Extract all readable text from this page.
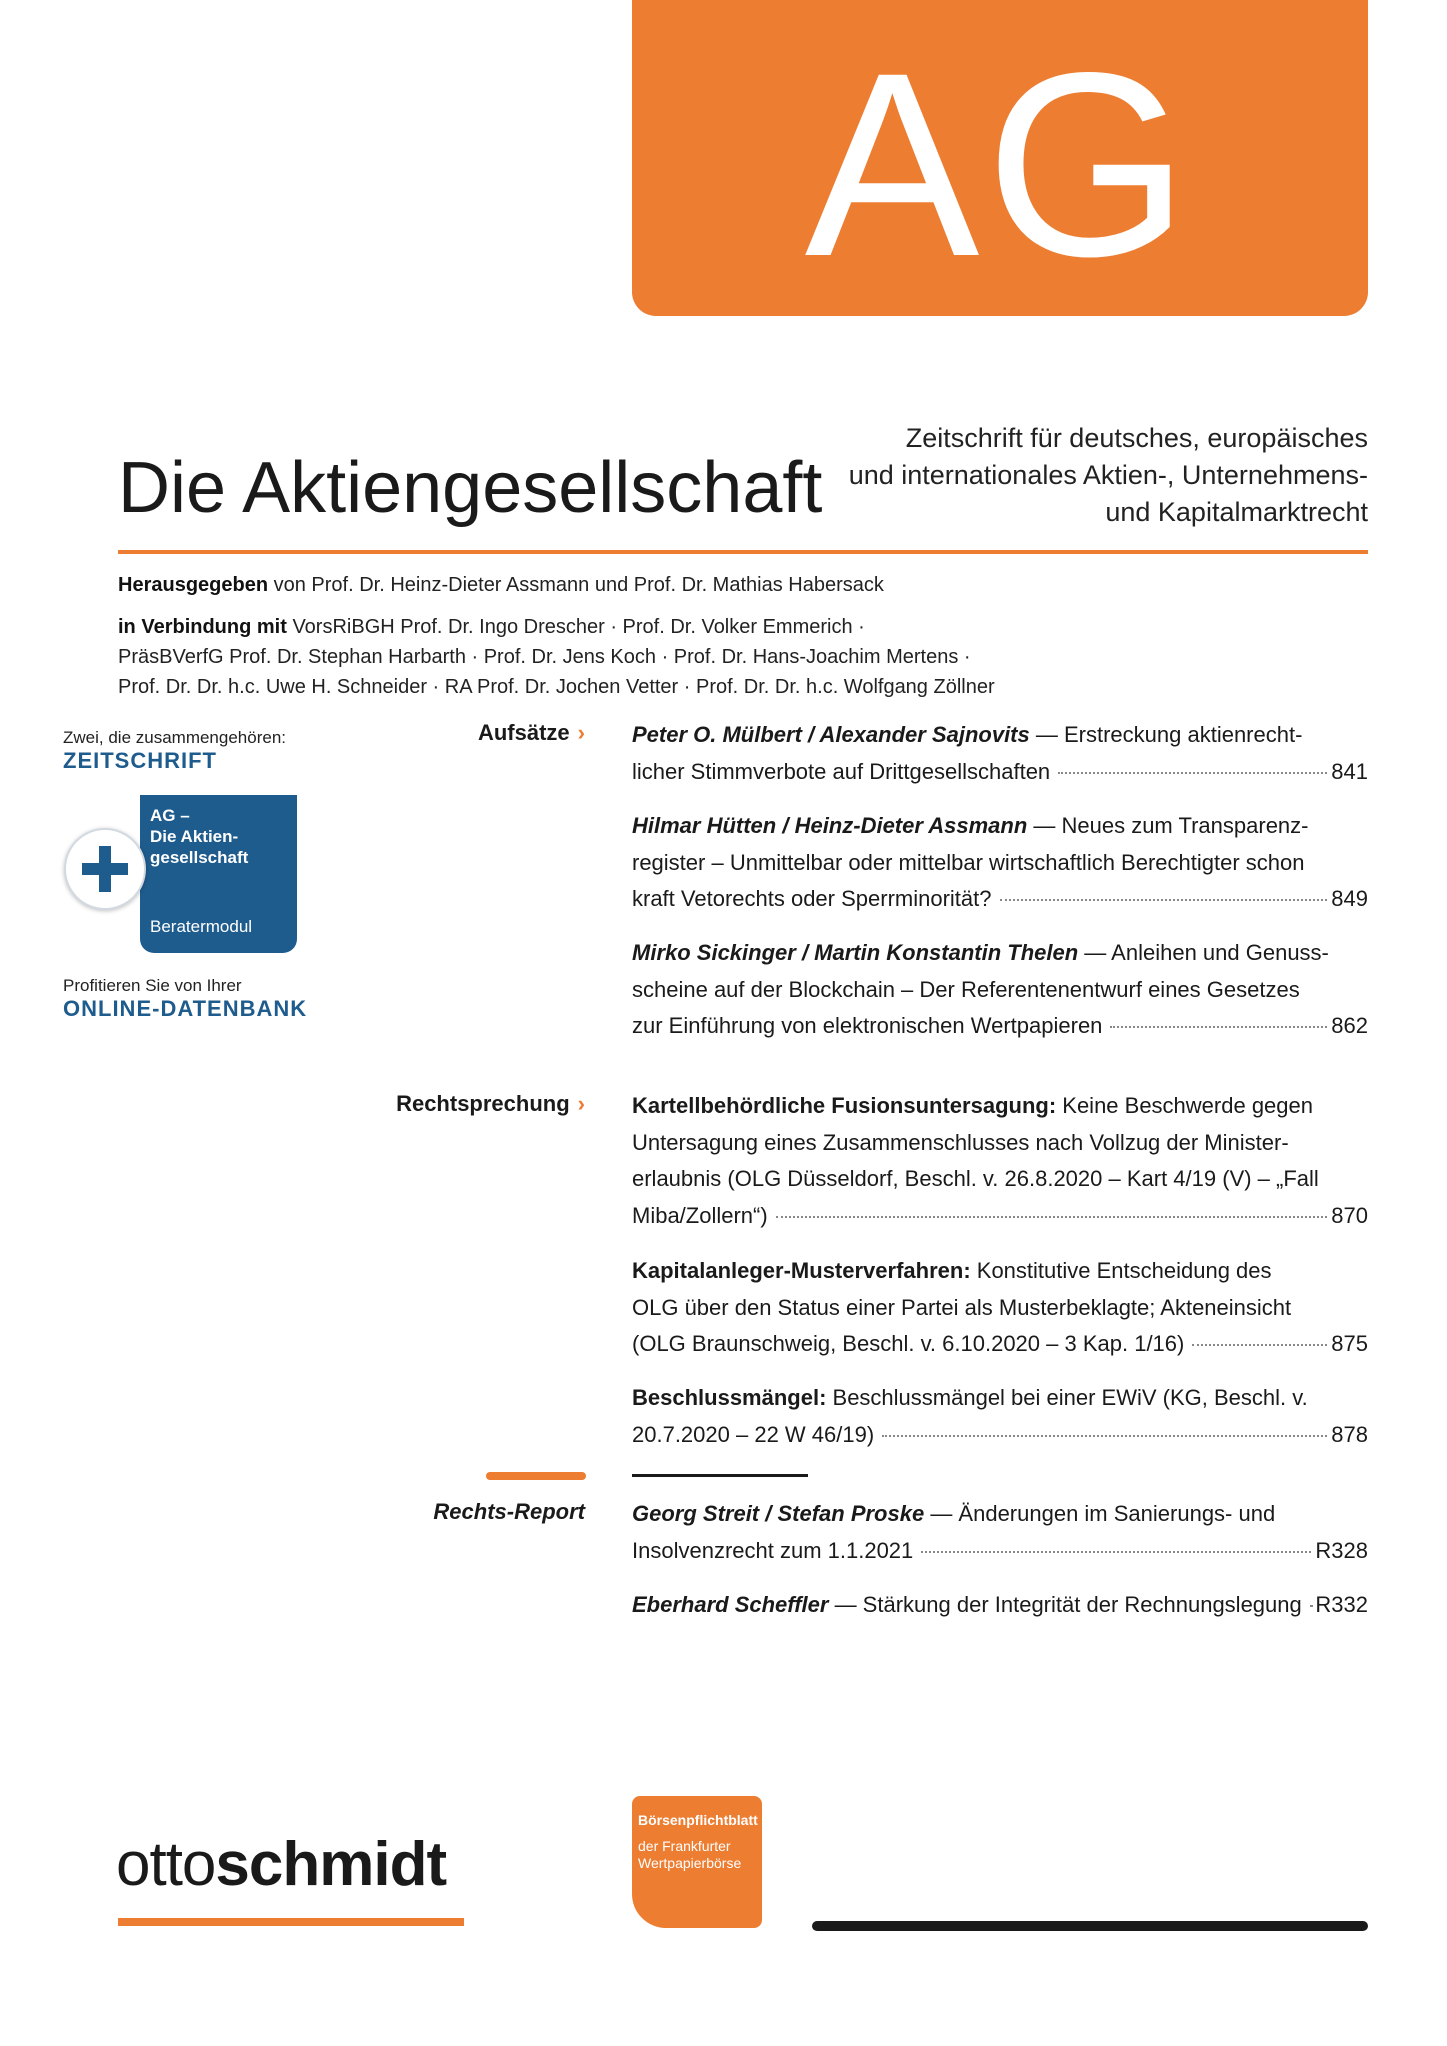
AG
Die Aktiengesellschaft
Zeitschrift für deutsches, europäisches
und internationales Aktien-, Unternehmens-
und Kapitalmarktrecht
Herausgegeben von Prof. Dr. Heinz-Dieter Assmann und Prof. Dr. Mathias Habersack
in Verbindung mit VorsRiBGH Prof. Dr. Ingo Drescher · Prof. Dr. Volker Emmerich ·
PräsBVerfG Prof. Dr. Stephan Harbarth · Prof. Dr. Jens Koch · Prof. Dr. Hans-Joachim Mertens ·
Prof. Dr. Dr. h.c. Uwe H. Schneider · RA Prof. Dr. Jochen Vetter · Prof. Dr. Dr. h.c. Wolfgang Zöllner
Zwei, die zusammengehören:
ZEITSCHRIFT
AG –
Die Aktien-
gesellschaft
Beratermodul
Profitieren Sie von Ihrer
ONLINE-DATENBANK
Aufsätze › Peter O. Mülbert / Alexander Sajnovits — Erstreckung aktienrecht-
licher Stimmverbote auf Drittgesellschaften	841
Hilmar Hütten / Heinz-Dieter Assmann — Neues zum Transparenz-
register – Unmittelbar oder mittelbar wirtschaftlich Berechtigter schon
kraft Vetorechts oder Sperrminorität?	849
Mirko Sickinger / Martin Konstantin Thelen — Anleihen und Genuss-
scheine auf der Blockchain – Der Referentenentwurf eines Gesetzes
zur Einführung von elektronischen Wertpapieren	862
Rechtsprechung › Kartellbehördliche Fusionsuntersagung: Keine Beschwerde gegen
Untersagung eines Zusammenschlusses nach Vollzug der Minister-
erlaubnis (OLG Düsseldorf, Beschl. v. 26.8.2020 – Kart 4/19 (V) – „Fall
Miba/Zollern“)	870
Kapitalanleger-Musterverfahren: Konstitutive Entscheidung des
OLG über den Status einer Partei als Musterbeklagte; Akteneinsicht
(OLG Braunschweig, Beschl. v. 6.10.2020 – 3 Kap. 1/16)	875
Beschlussmängel: Beschlussmängel bei einer EWiV (KG, Beschl. v.
20.7.2020 – 22 W 46/19)	878
Rechts-Report Georg Streit / Stefan Proske — Änderungen im Sanierungs- und
Insolvenzrecht zum 1.1.2021	R328
Eberhard Scheffler — Stärkung der Integrität der Rechnungslegung R332
ottoschmidt
Börsenpflichtblatt
der Frankfurter
Wertpapierbörse
